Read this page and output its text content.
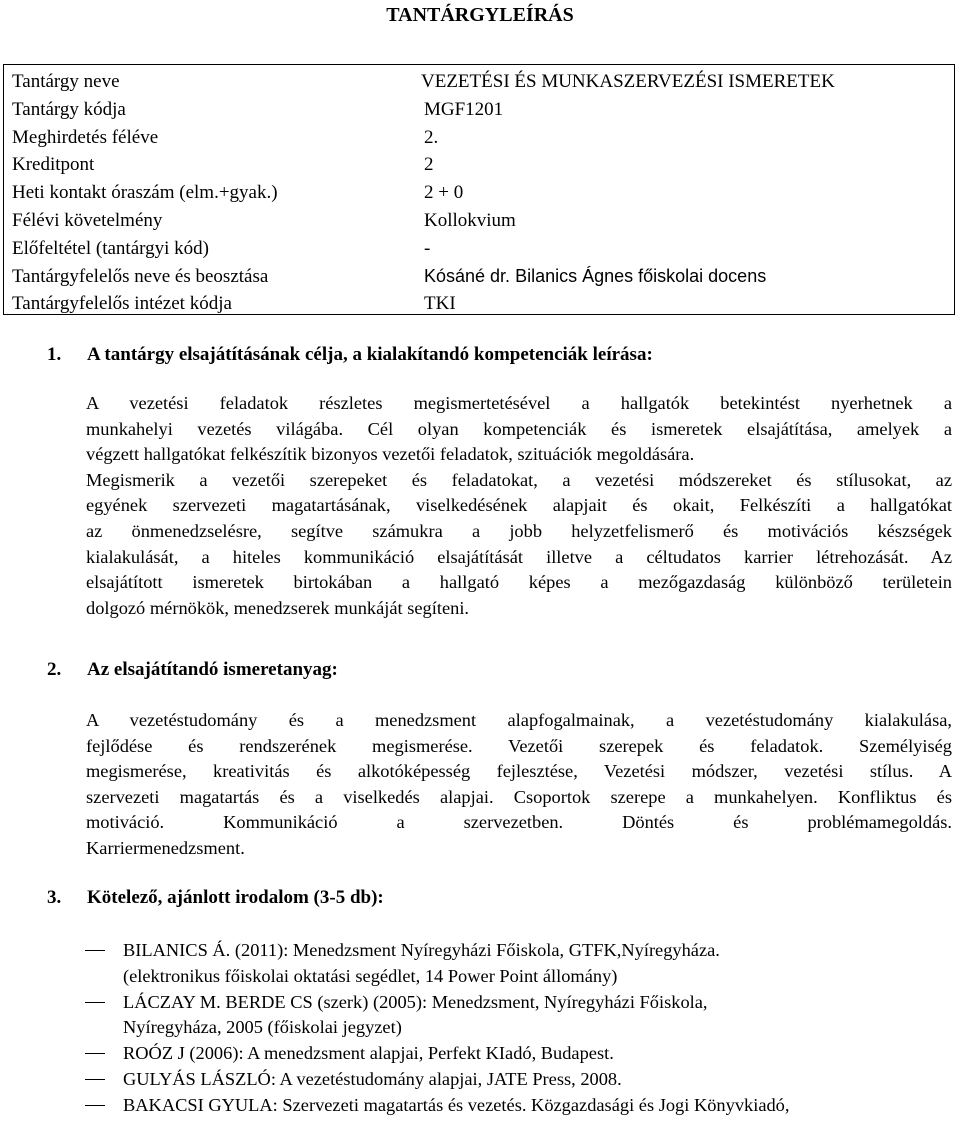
TANTÁRGYLEÍRÁS
Tantárgy neve	VEZETÉSI ÉS MUNKASZERVEZÉSI ISMERETEK
Tantárgy kódja	MGF1201
Meghirdetés féléve	2.
Kreditpont	2
Heti kontakt óraszám (elm.+gyak.)	2 + 0
Félévi követelmény	Kollokvium
Előfeltétel (tantárgyi kód)	-
Tantárgyfelelős neve és beosztása	Kósáné dr. Bilanics Ágnes főiskolai docens
Tantárgyfelelős intézet kódja	TKI
1. A tantárgy elsajátításának célja, a kialakítandó kompetenciák leírása:
A vezetési feladatok részletes megismertetésével a hallgatók betekintést nyerhetnek a
munkahelyi vezetés világába. Cél olyan kompetenciák és ismeretek elsajátítása, amelyek a
végzett hallgatókat felkészítik bizonyos vezetői feladatok, szituációk megoldására.
Megismerik a vezetői szerepeket és feladatokat, a vezetési módszereket és stílusokat, az
egyének szervezeti magatartásának, viselkedésének alapjait és okait, Felkészíti a hallgatókat
az önmenedzselésre, segítve számukra a jobb helyzetfelismerő és motivációs készségek
kialakulását, a hiteles kommunikáció elsajátítását illetve a céltudatos karrier létrehozását. Az
elsajátított ismeretek birtokában a hallgató képes a mezőgazdaság különböző területein
dolgozó mérnökök, menedzserek munkáját segíteni.
2. Az elsajátítandó ismeretanyag:
A vezetéstudomány és a menedzsment alapfogalmainak, a vezetéstudomány kialakulása,
fejlődése és rendszerének megismerése. Vezetői szerepek és feladatok. Személyiség
megismerése, kreativitás és alkotóképesség fejlesztése, Vezetési módszer, vezetési stílus. A
szervezeti magatartás és a viselkedés alapjai. Csoportok szerepe a munkahelyen. Konfliktus és
motiváció. Kommunikáció a szervezetben. Döntés és problémamegoldás.
Karriermenedzsment.
3. Kötelező, ajánlott irodalom (3-5 db):
BILANICS Á. (2011): Menedzsment Nyíregyházi Főiskola, GTFK,Nyíregyháza.
(elektronikus főiskolai oktatási segédlet, 14 Power Point állomány)
LÁCZAY M. BERDE CS (szerk) (2005): Menedzsment, Nyíregyházi Főiskola,
Nyíregyháza, 2005 (főiskolai jegyzet)
ROÓZ J (2006): A menedzsment alapjai, Perfekt KIadó, Budapest.
GULYÁS LÁSZLÓ: A vezetéstudomány alapjai, JATE Press, 2008.
BAKACSI GYULA: Szervezeti magatartás és vezetés. Közgazdasági és Jogi Könyvkiadó,
